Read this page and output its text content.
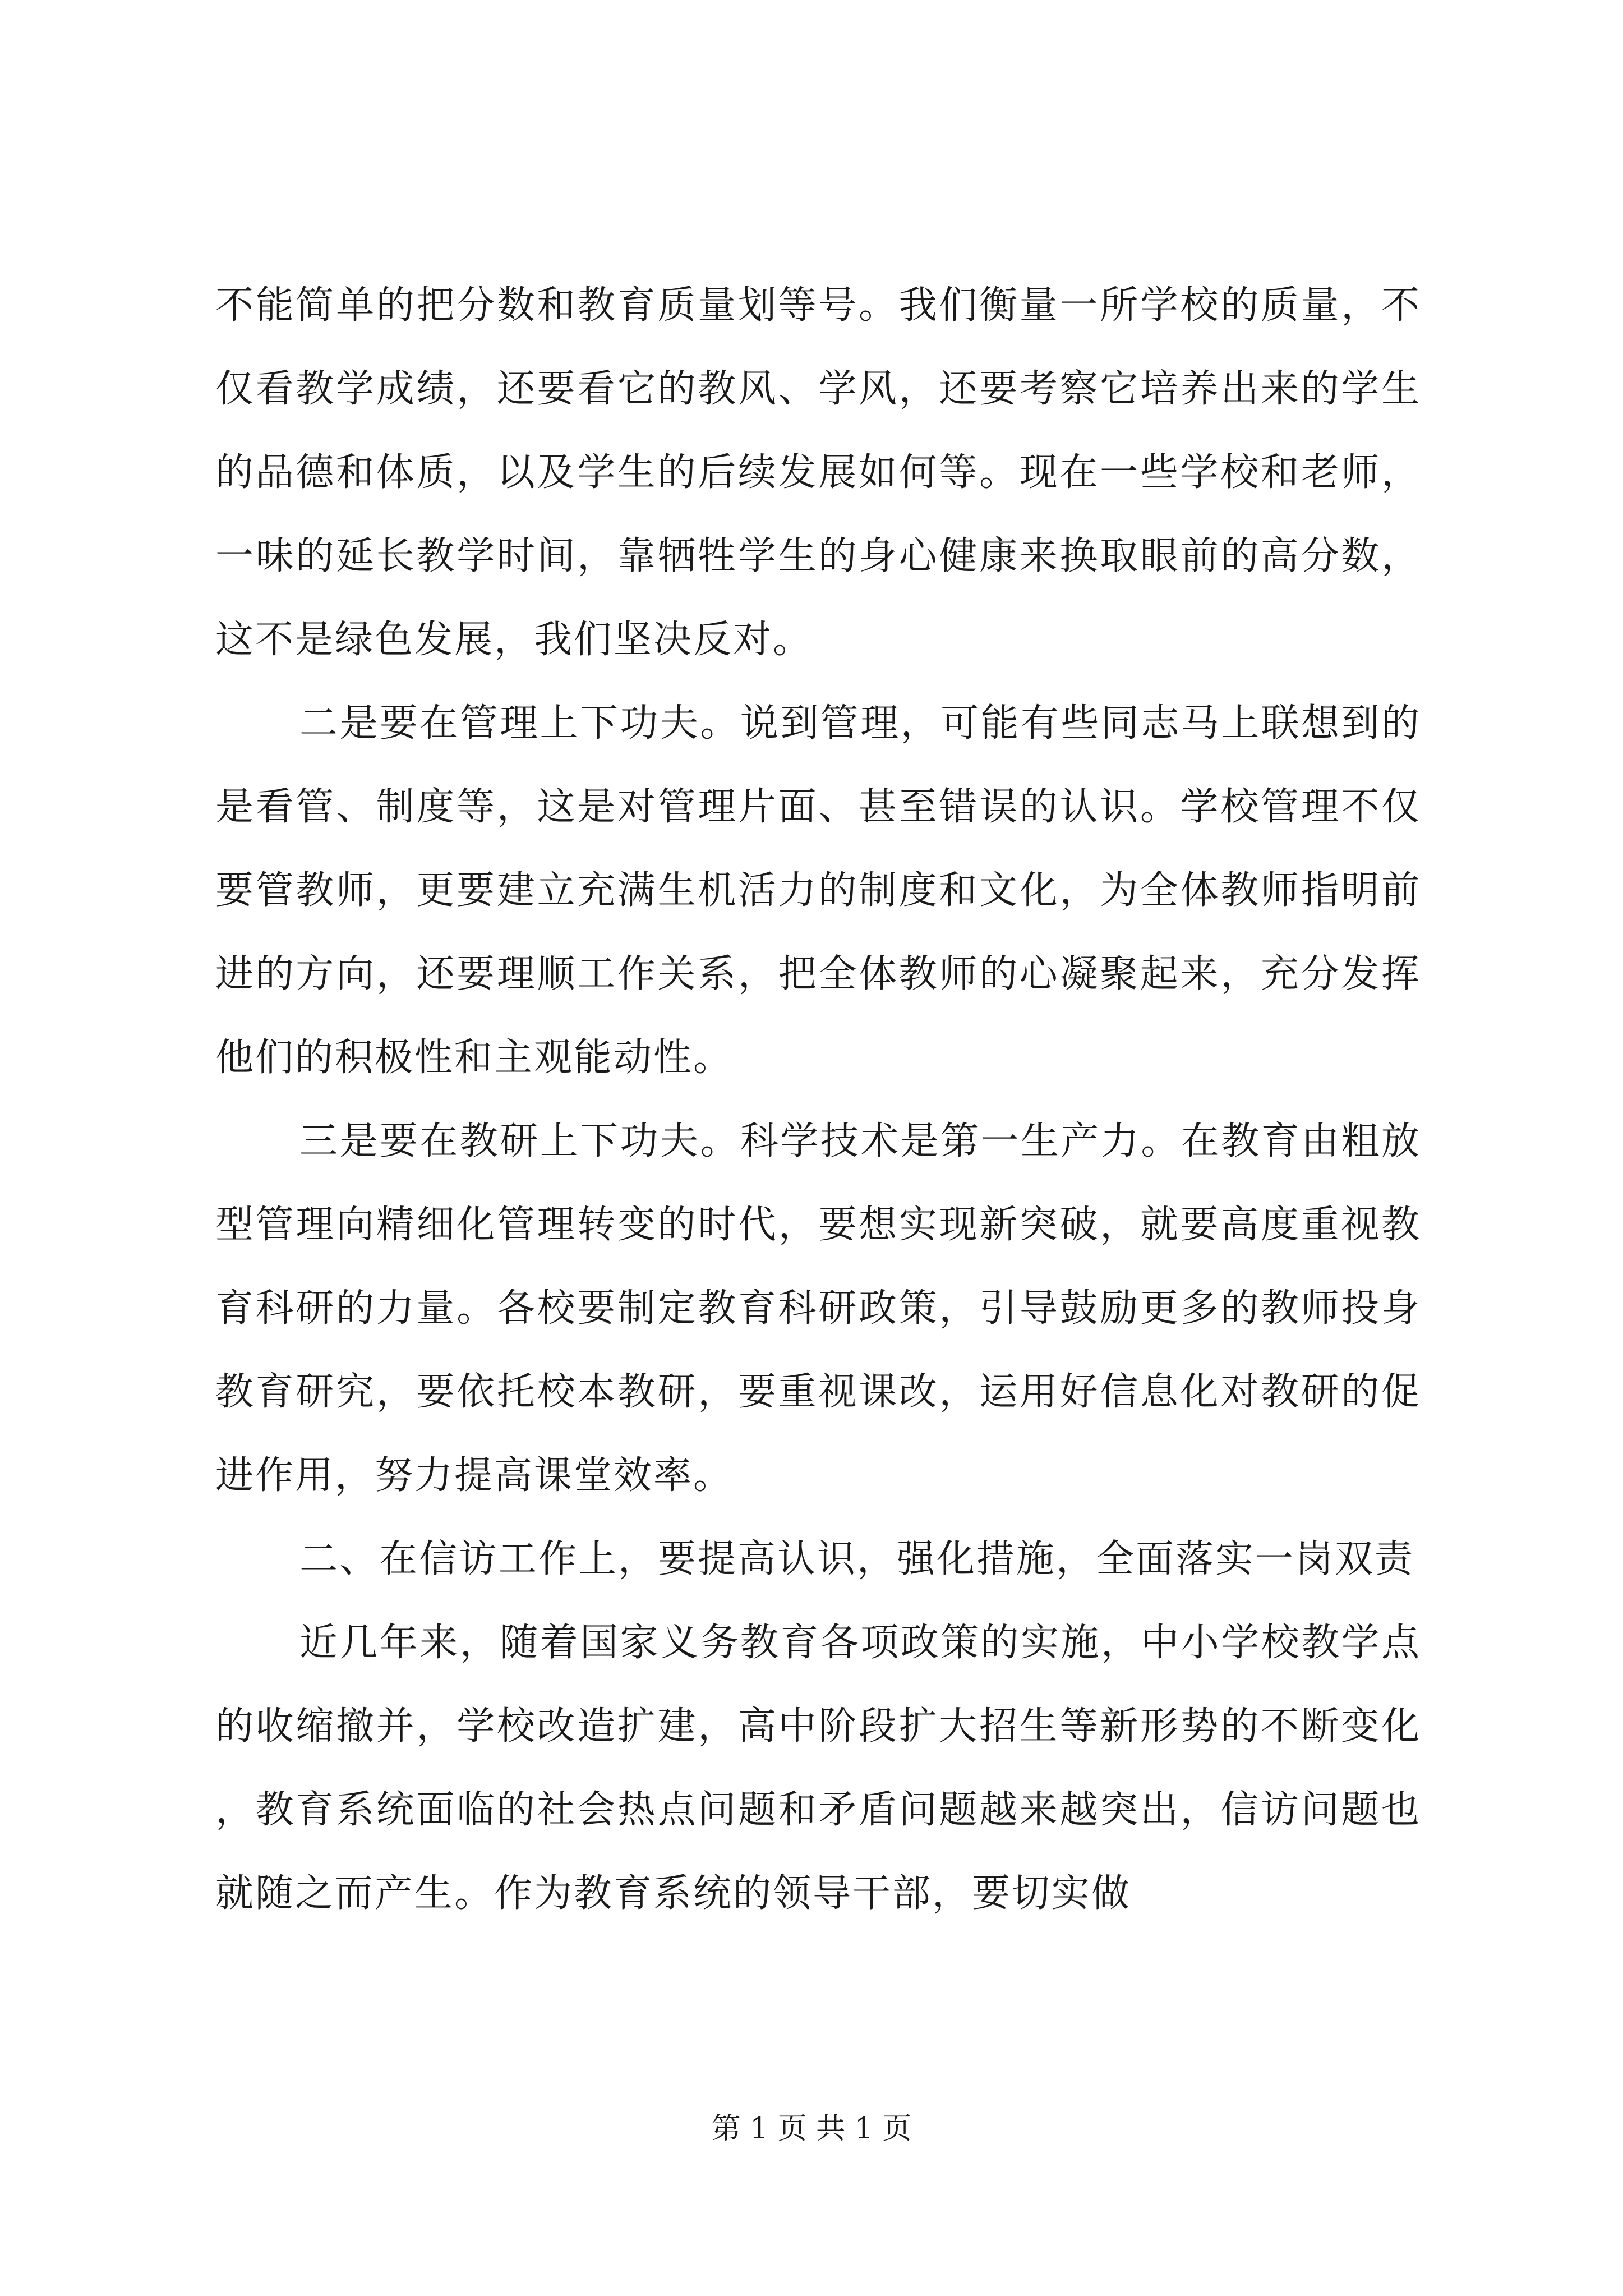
不能简单的把分数和教育质量划等号。我们衡量一所学校的质量，不仅看教学成绩，还要看它的教风、学风，还要考察它培养出来的学生的品德和体质，以及学生的后续发展如何等。现在一些学校和老师，一味的延长教学时间，靠牺牲学生的身心健康来换取眼前的高分数，这不是绿色发展，我们坚决反对。

二是要在管理上下功夫。说到管理，可能有些同志马上联想到的是看管、制度等，这是对管理片面、甚至错误的认识。学校管理不仅要管教师，更要建立充满生机活力的制度和文化，为全体教师指明前进的方向，还要理顺工作关系，把全体教师的心凝聚起来，充分发挥他们的积极性和主观能动性。

三是要在教研上下功夫。科学技术是第一生产力。在教育由粗放型管理向精细化管理转变的时代，要想实现新突破，就要高度重视教育科研的力量。各校要制定教育科研政策，引导鼓励更多的教师投身教育研究，要依托校本教研，要重视课改，运用好信息化对教研的促进作用，努力提高课堂效率。

二、在信访工作上，要提高认识，强化措施，全面落实一岗双责

近几年来，随着国家义务教育各项政策的实施，中小学校教学点的收缩撤并，学校改造扩建，高中阶段扩大招生等新形势的不断变化，教育系统面临的社会热点问题和矛盾问题越来越突出，信访问题也就随之而产生。作为教育系统的领导干部，要切实做

第 1 页 共 1 页
